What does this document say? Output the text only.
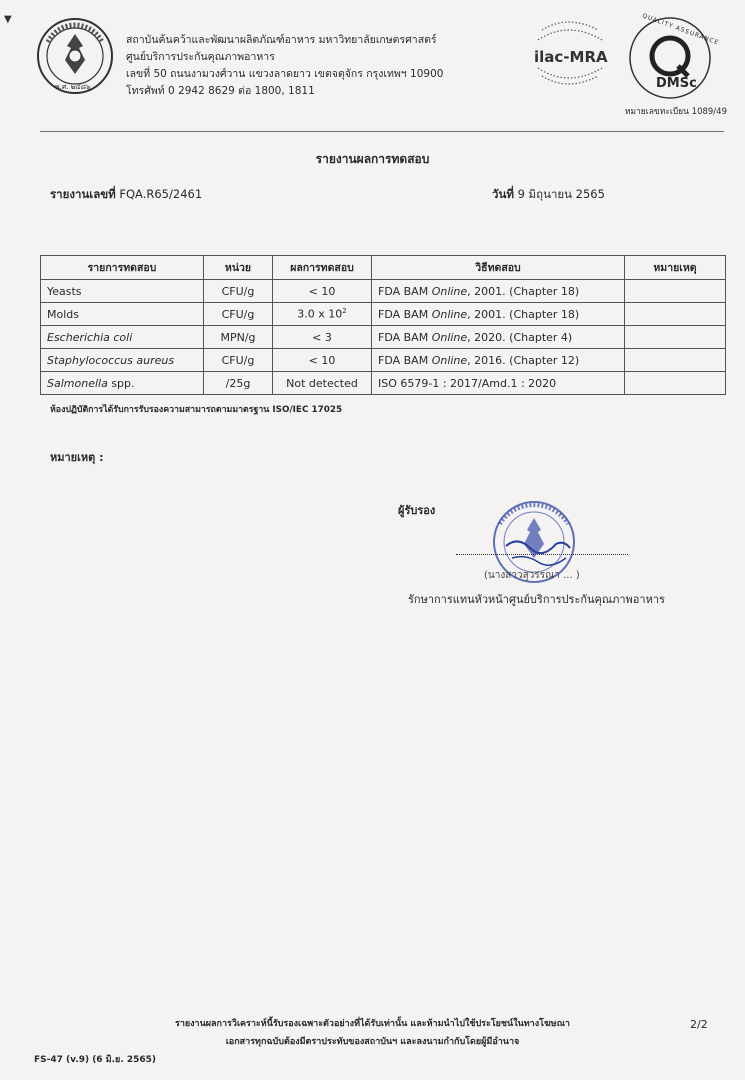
▼
พ.ศ. ๒๔๘๖
สถาบันค้นคว้าและพัฒนาผลิตภัณฑ์อาหาร มหาวิทยาลัยเกษตรศาสตร์
ศูนย์บริการประกันคุณภาพอาหาร
เลขที่ 50 ถนนงามวงศ์วาน แขวงลาดยาว เขตจตุจักร กรุงเทพฯ 10900
โทรศัพท์ 0 2942 8629 ต่อ 1800, 1811
ilac-MRA
QUALITY ASSURANCE
DMSc
หมายเลขทะเบียน 1089/49
รายงานผลการทดสอบ
รายงานเลขที่ FQA.R65/2461	วันที่ 9 มิถุนายน 2565
รายการทดสอบ	หน่วย	ผลการทดสอบ	วิธีทดสอบ	หมายเหตุ
Yeasts	CFU/g	< 10	FDA BAM Online, 2001. (Chapter 18)	
Molds	CFU/g	3.0 x $10^2$	FDA BAM Online, 2001. (Chapter 18)	
Escherichia coli	MPN/g	< 3	FDA BAM Online, 2020. (Chapter 4)	
Staphylococcus aureus	CFU/g	< 10	FDA BAM Online, 2016. (Chapter 12)	
Salmonella spp.	/25g	Not detected	ISO 6579-1 : 2017/Amd.1 : 2020	
ห้องปฏิบัติการได้รับการรับรองความสามารถตามมาตรฐาน ISO/IEC 17025
หมายเหตุ :
ผู้รับรอง
(นางสาวสุวรรณา ... )
รักษาการแทนหัวหน้าศูนย์บริการประกันคุณภาพอาหาร
รายงานผลการวิเคราะห์นี้รับรองเฉพาะตัวอย่างที่ได้รับเท่านั้น และห้ามนำไปใช้ประโยชน์ในทางโฆษณา
เอกสารทุกฉบับต้องมีตราประทับของสถาบันฯ และลงนามกำกับโดยผู้มีอำนาจ
2/2
FS-47 (v.9) (6 มิ.ย. 2565)
